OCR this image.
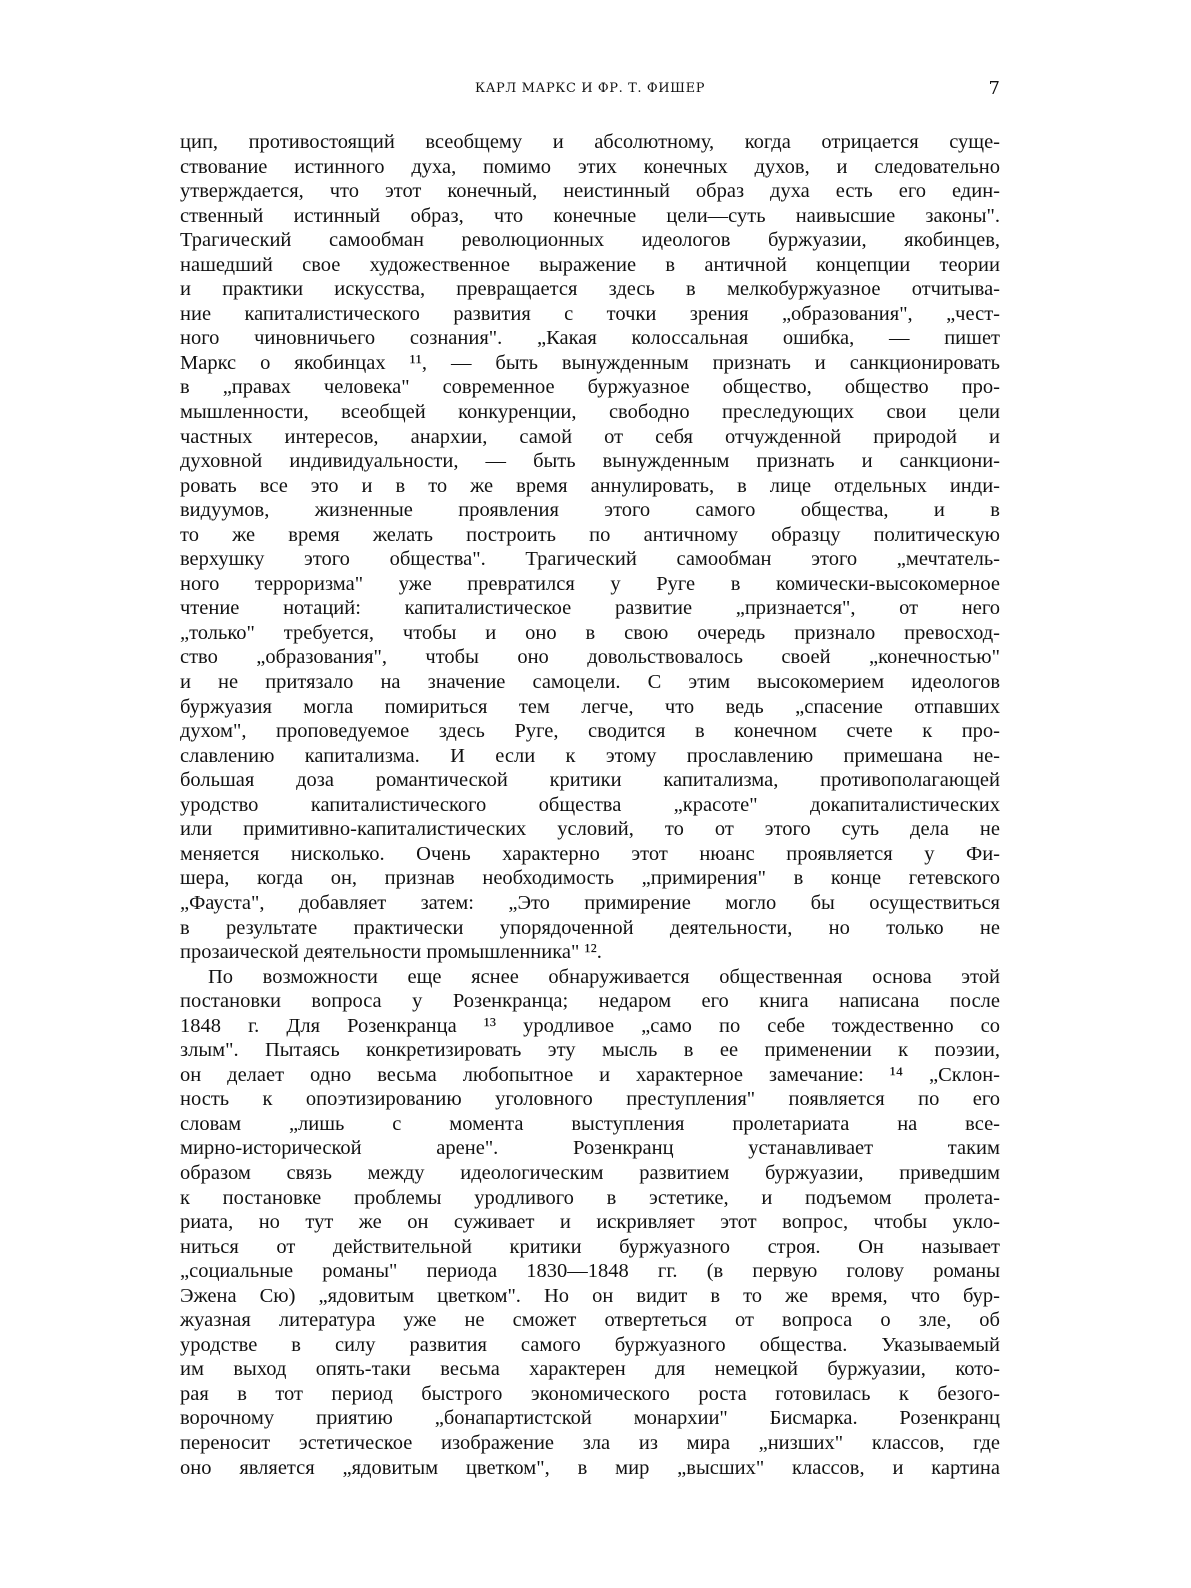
КАРЛ МАРКС И ФР. Т. ФИШЕР	7
цип, противостоящий всеобщему и абсолютному, когда отрицается суще-
ствование истинного духа, помимо этих конечных духов, и следовательно
утверждается, что этот конечный, неистинный образ духа есть его един-
ственный истинный образ, что конечные цели—суть наивысшие законы".
Трагический самообман революционных идеологов буржуазии, якобинцев,
нашедший свое художественное выражение в античной концепции теории
и практики искусства, превращается здесь в мелкобуржуазное отчитыва-
ние капиталистического развития с точки зрения „образования", „чест-
ного чиновничьего сознания". „Какая колоссальная ошибка, — пишет
Маркс о якобинцах ¹¹, — быть вынужденным признать и санкционировать
в „правах человека" современное буржуазное общество, общество про-
мышленности, всеобщей конкуренции, свободно преследующих свои цели
частных интересов, анархии, самой от себя отчужденной природой и
духовной индивидуальности, — быть вынужденным признать и санкциони-
ровать все это и в то же время аннулировать, в лице отдельных инди-
видуумов, жизненные проявления этого самого общества, и в
то же время желать построить по античному образцу политическую
верхушку этого общества". Трагический самообман этого „мечтатель-
ного терроризма" уже превратился у Руге в комически-высокомерное
чтение нотаций: капиталистическое развитие „признается", от него
„только" требуется, чтобы и оно в свою очередь признало превосход-
ство „образования", чтобы оно довольствовалось своей „конечностью"
и не притязало на значение самоцели. С этим высокомерием идеологов
буржуазия могла помириться тем легче, что ведь „спасение отпавших
духом", проповедуемое здесь Руге, сводится в конечном счете к про-
славлению капитализма. И если к этому прославлению примешана не-
большая доза романтической критики капитализма, противополагающей
уродство капиталистического общества „красоте" докапиталистических
или примитивно-капиталистических условий, то от этого суть дела не
меняется нисколько. Очень характерно этот нюанс проявляется у Фи-
шера, когда он, признав необходимость „примирения" в конце гетевского
„Фауста", добавляет затем: „Это примирение могло бы осуществиться
в результате практически упорядоченной деятельности, но только не
прозаической деятельности промышленника" ¹².
По возможности еще яснее обнаруживается общественная основа этой
постановки вопроса у Розенкранца; недаром его книга написана после
1848 г. Для Розенкранца ¹³ уродливое „само по себе тождественно со
злым". Пытаясь конкретизировать эту мысль в ее применении к поэзии,
он делает одно весьма любопытное и характерное замечание: ¹⁴ „Склон-
ность к опоэтизированию уголовного преступления" появляется по его
словам „лишь с момента выступления пролетариата на все-
мирно-исторической арене". Розенкранц устанавливает таким
образом связь между идеологическим развитием буржуазии, приведшим
к постановке проблемы уродливого в эстетике, и подъемом пролета-
риата, но тут же он суживает и искривляет этот вопрос, чтобы укло-
ниться от действительной критики буржуазного строя. Он называет
„социальные романы" периода 1830—1848 гг. (в первую голову романы
Эжена Сю) „ядовитым цветком". Но он видит в то же время, что бур-
жуазная литература уже не сможет отвертеться от вопроса о зле, об
уродстве в силу развития самого буржуазного общества. Указываемый
им выход опять-таки весьма характерен для немецкой буржуазии, кото-
рая в тот период быстрого экономического роста готовилась к безого-
ворочному приятию „бонапартистской монархии" Бисмарка. Розенкранц
переносит эстетическое изображение зла из мира „низших" классов, где
оно является „ядовитым цветком", в мир „высших" классов, и картина
